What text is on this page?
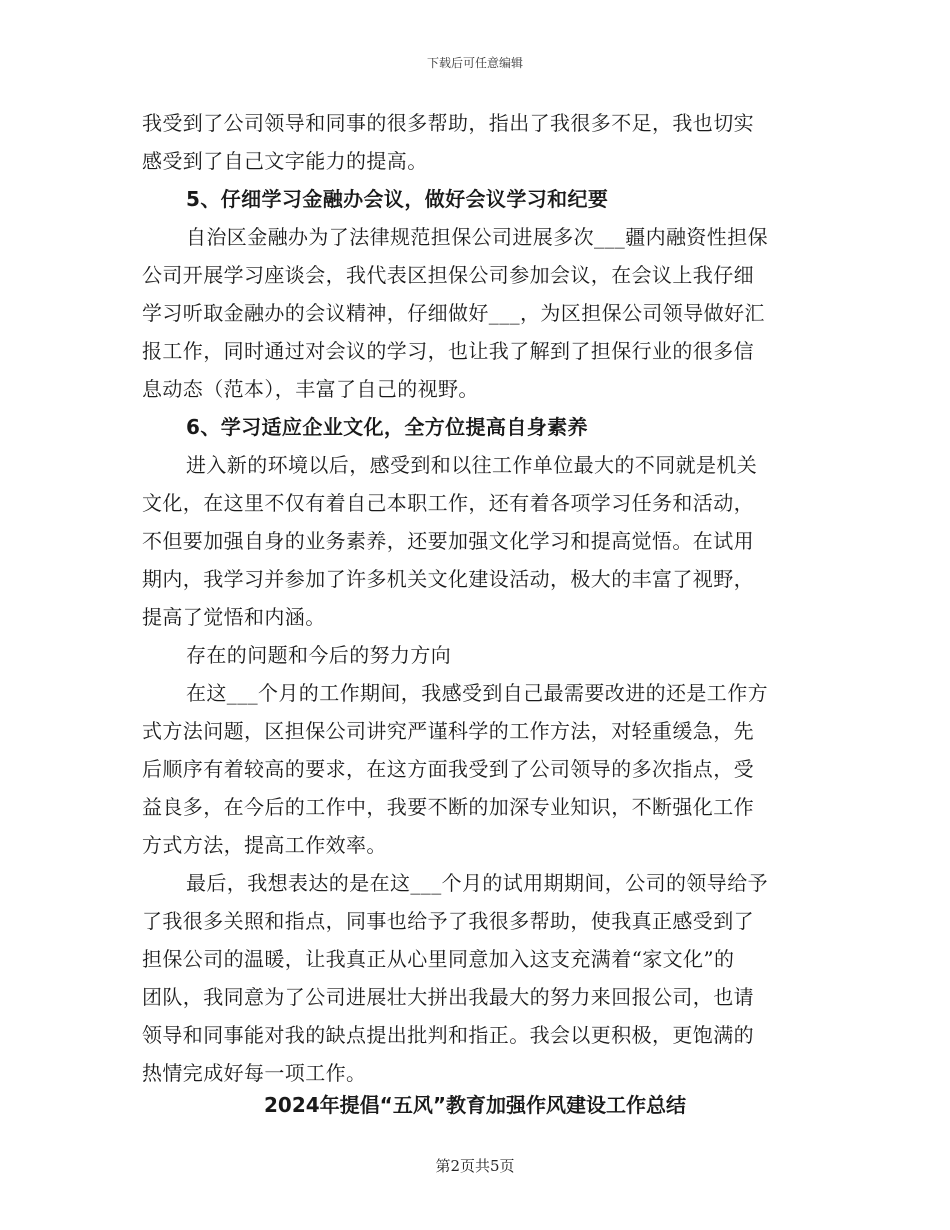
下载后可任意编辑
我受到了公司领导和同事的很多帮助，指出了我很多不足，我也切实
感受到了自己文字能力的提高。
5、仔细学习金融办会议，做好会议学习和纪要
自治区金融办为了法律规范担保公司进展多次___疆内融资性担保
公司开展学习座谈会，我代表区担保公司参加会议，在会议上我仔细
学习听取金融办的会议精神，仔细做好___，为区担保公司领导做好汇
报工作，同时通过对会议的学习，也让我了解到了担保行业的很多信
息动态（范本），丰富了自己的视野。
6、学习适应企业文化，全方位提高自身素养
进入新的环境以后，感受到和以往工作单位最大的不同就是机关
文化，在这里不仅有着自己本职工作，还有着各项学习任务和活动，
不但要加强自身的业务素养，还要加强文化学习和提高觉悟。在试用
期内，我学习并参加了许多机关文化建设活动，极大的丰富了视野，
提高了觉悟和内涵。
存在的问题和今后的努力方向
在这___个月的工作期间，我感受到自己最需要改进的还是工作方
式方法问题，区担保公司讲究严谨科学的工作方法，对轻重缓急，先
后顺序有着较高的要求，在这方面我受到了公司领导的多次指点，受
益良多，在今后的工作中，我要不断的加深专业知识，不断强化工作
方式方法，提高工作效率。
最后，我想表达的是在这___个月的试用期期间，公司的领导给予
了我很多关照和指点，同事也给予了我很多帮助，使我真正感受到了
担保公司的温暖，让我真正从心里同意加入这支充满着“家文化”的
团队，我同意为了公司进展壮大拼出我最大的努力来回报公司，也请
领导和同事能对我的缺点提出批判和指正。我会以更积极，更饱满的
热情完成好每一项工作。
2024年提倡“五风”教育加强作风建设工作总结
第2页共5页
